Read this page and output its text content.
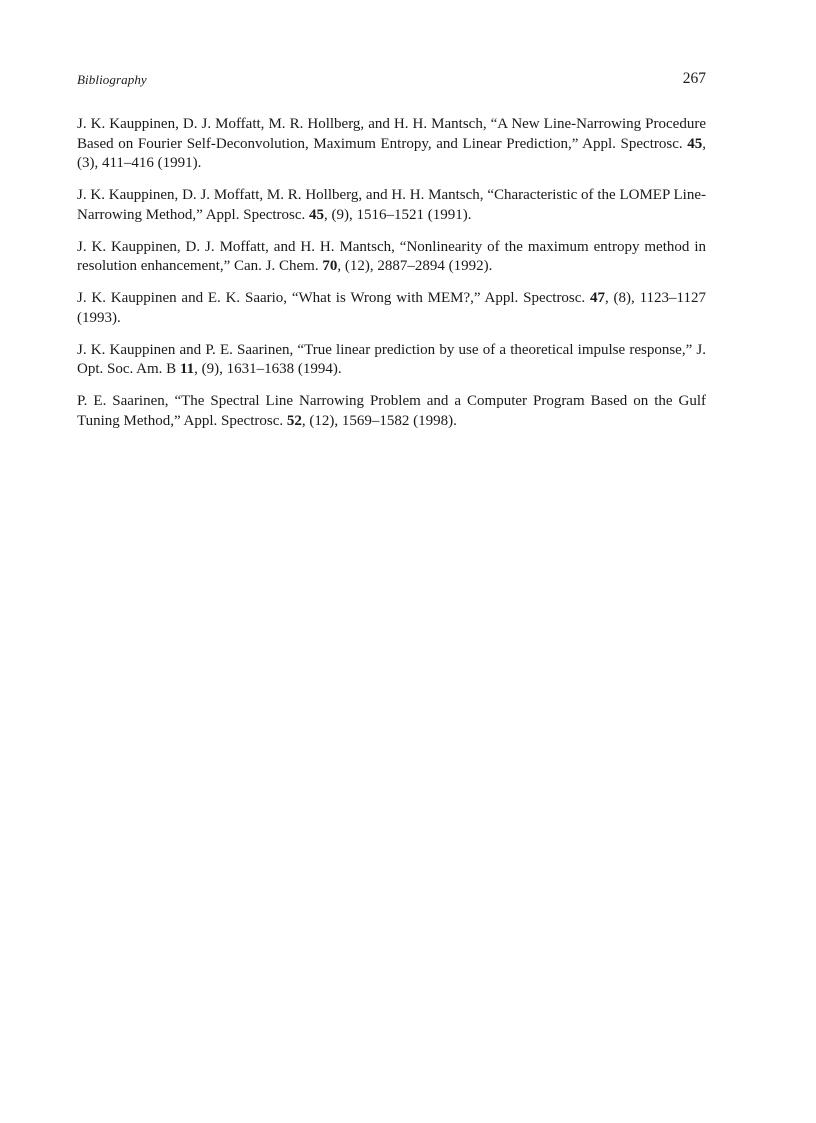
Bibliography	267

J. K. Kauppinen, D. J. Moffatt, M. R. Hollberg, and H. H. Mantsch, “A New Line-Narrowing Procedure Based on Fourier Self-Deconvolution, Maximum Entropy, and Linear Prediction,” Appl. Spectrosc. 45, (3), 411–416 (1991).

J. K. Kauppinen, D. J. Moffatt, M. R. Hollberg, and H. H. Mantsch, “Characteristic of the LOMEP Line-Narrowing Method,” Appl. Spectrosc. 45, (9), 1516–1521 (1991).

J. K. Kauppinen, D. J. Moffatt, and H. H. Mantsch, “Nonlinearity of the maximum entropy method in resolution enhancement,” Can. J. Chem. 70, (12), 2887–2894 (1992).

J. K. Kauppinen and E. K. Saario, “What is Wrong with MEM?,” Appl. Spectrosc. 47, (8), 1123–1127 (1993).

J. K. Kauppinen and P. E. Saarinen, “True linear prediction by use of a theoretical impulse response,” J. Opt. Soc. Am. B 11, (9), 1631–1638 (1994).

P. E. Saarinen, “The Spectral Line Narrowing Problem and a Computer Program Based on the Gulf Tuning Method,” Appl. Spectrosc. 52, (12), 1569–1582 (1998).
